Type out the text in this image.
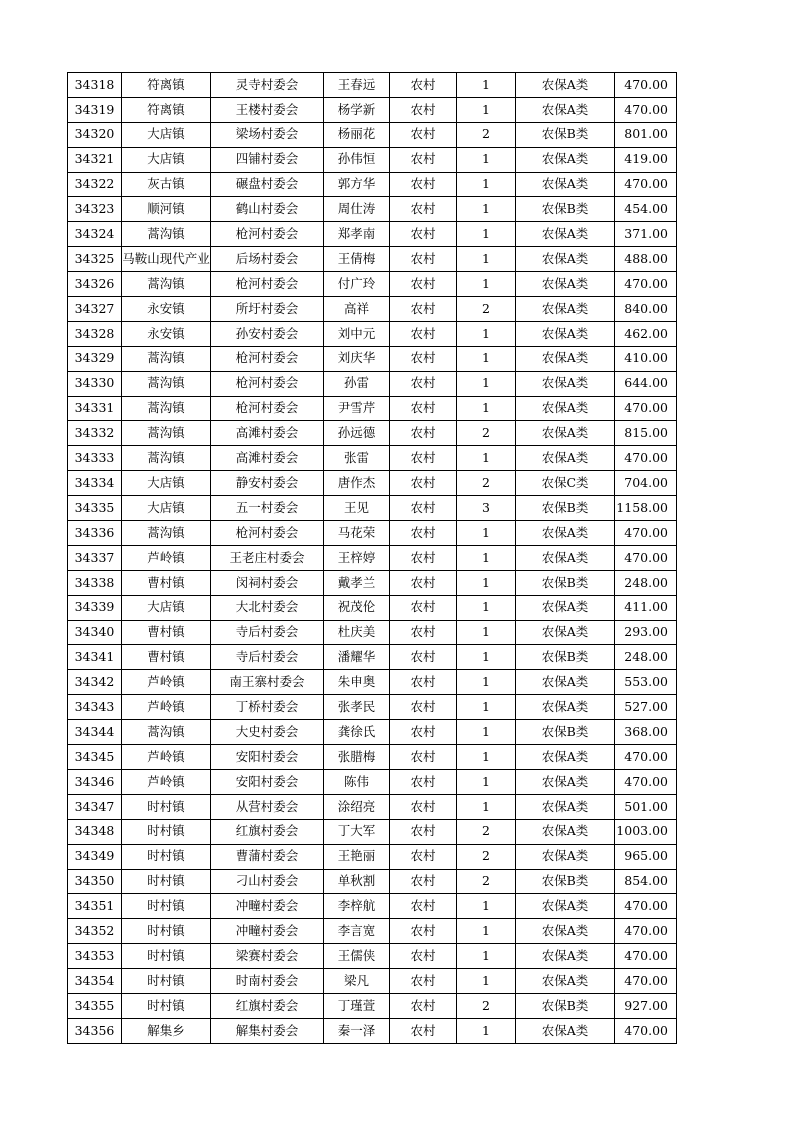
34318	符离镇	灵寺村委会	王春远	农村	1	农保A类	470.00
34319	符离镇	王楼村委会	杨学新	农村	1	农保A类	470.00
34320	大店镇	梁场村委会	杨丽花	农村	2	农保B类	801.00
34321	大店镇	四铺村委会	孙伟恒	农村	1	农保A类	419.00
34322	灰古镇	碾盘村委会	郭方华	农村	1	农保A类	470.00
34323	顺河镇	鹤山村委会	周仕涛	农村	1	农保B类	454.00
34324	蒿沟镇	枪河村委会	郑孝南	农村	1	农保A类	371.00
34325	马鞍山现代产业	后场村委会	王倩梅	农村	1	农保A类	488.00
34326	蒿沟镇	枪河村委会	付广玲	农村	1	农保A类	470.00
34327	永安镇	所圩村委会	高祥	农村	2	农保A类	840.00
34328	永安镇	孙安村委会	刘中元	农村	1	农保A类	462.00
34329	蒿沟镇	枪河村委会	刘庆华	农村	1	农保A类	410.00
34330	蒿沟镇	枪河村委会	孙雷	农村	1	农保A类	644.00
34331	蒿沟镇	枪河村委会	尹雪芹	农村	1	农保A类	470.00
34332	蒿沟镇	高滩村委会	孙远德	农村	2	农保A类	815.00
34333	蒿沟镇	高滩村委会	张雷	农村	1	农保A类	470.00
34334	大店镇	静安村委会	唐作杰	农村	2	农保C类	704.00
34335	大店镇	五一村委会	王见	农村	3	农保B类	1158.00
34336	蒿沟镇	枪河村委会	马花荣	农村	1	农保A类	470.00
34337	芦岭镇	王老庄村委会	王梓婷	农村	1	农保A类	470.00
34338	曹村镇	闵祠村委会	戴孝兰	农村	1	农保B类	248.00
34339	大店镇	大北村委会	祝茂伦	农村	1	农保A类	411.00
34340	曹村镇	寺后村委会	杜庆美	农村	1	农保A类	293.00
34341	曹村镇	寺后村委会	潘耀华	农村	1	农保B类	248.00
34342	芦岭镇	南王寨村委会	朱申奥	农村	1	农保A类	553.00
34343	芦岭镇	丁桥村委会	张孝民	农村	1	农保A类	527.00
34344	蒿沟镇	大史村委会	龚徐氏	农村	1	农保B类	368.00
34345	芦岭镇	安阳村委会	张腊梅	农村	1	农保A类	470.00
34346	芦岭镇	安阳村委会	陈伟	农村	1	农保A类	470.00
34347	时村镇	从营村委会	涂绍亮	农村	1	农保A类	501.00
34348	时村镇	红旗村委会	丁大军	农村	2	农保A类	1003.00
34349	时村镇	曹蒲村委会	王艳丽	农村	2	农保A类	965.00
34350	时村镇	刁山村委会	单秋割	农村	2	农保B类	854.00
34351	时村镇	冲疃村委会	李梓航	农村	1	农保A类	470.00
34352	时村镇	冲疃村委会	李言宽	农村	1	农保A类	470.00
34353	时村镇	梁赛村委会	王儒侠	农村	1	农保A类	470.00
34354	时村镇	时南村委会	梁凡	农村	1	农保A类	470.00
34355	时村镇	红旗村委会	丁瑾萱	农村	2	农保B类	927.00
34356	解集乡	解集村委会	秦一泽	农村	1	农保A类	470.00
